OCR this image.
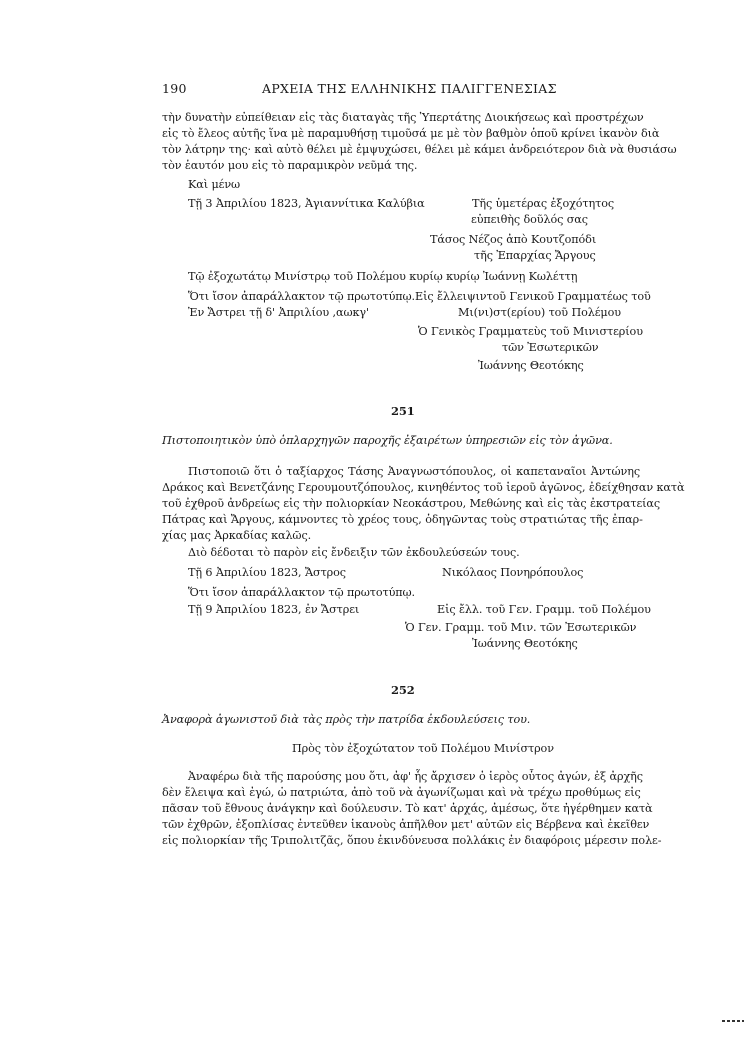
190	ΑΡΧΕΙΑ ΤΗΣ ΕΛΛΗΝΙΚΗΣ ΠΑΛΙΓΓΕΝΕΣΙΑΣ
τὴν δυνατὴν εὐπείθειαν εἰς τὰς διαταγὰς τῆς Ὑπερτάτης Διοικήσεως καὶ προστρέχων
εἰς τὸ ἔλεος αὐτῆς ἵνα μὲ παραμυθήσῃ τιμοῦσά με μὲ τὸν βαθμὸν ὁποῦ κρίνει ἱκανὸν διὰ
τὸν λάτρην της· καὶ αὐτὸ θέλει μὲ ἐμψυχώσει, θέλει μὲ κάμει ἀνδρειότερον διὰ νὰ θυσιάσω
τὸν ἑαυτόν μου εἰς τὸ παραμικρὸν νεῦμά της.
Καὶ μένω
Τῇ 3 Ἀπριλίου 1823, Ἀγιαννίτικα Καλύβια	Τῆς ὑμετέρας ἐξοχότητος
εὐπειθὴς δοῦλός σας
Τάσος Νέζος ἀπὸ Κουτζοπόδι
τῆς Ἐπαρχίας Ἄργους
Τῷ ἐξοχωτάτῳ Μινίστρῳ τοῦ Πολέμου κυρίῳ κυρίῳ Ἰωάννῃ Κωλέττῃ
Ὅτι ἴσον ἀπαράλλακτον τῷ πρωτοτύπῳ.
Ἐν Ἄστρει τῇ δ' Ἀπριλίου ,αωκγ'
Εἰς ἔλλειψιντοῦ Γενικοῦ Γραμματέως τοῦ
Μι(νι)στ(ερίου) τοῦ Πολέμου
Ὁ Γενικὸς Γραμματεὺς τοῦ Μινιστερίου
τῶν Ἐσωτερικῶν
Ἰωάννης Θεοτόκης
251
Πιστοποιητικὸν ὑπὸ ὁπλαρχηγῶν παροχῆς ἐξαιρέτων ὑπηρεσιῶν εἰς τὸν ἀγῶνα.
Πιστοποιῶ ὅτι ὁ ταξίαρχος Τάσης Ἀναγνωστόπουλος, οἱ καπεταναῖοι Ἀντώνης
Δράκος καὶ Βενετζάνης Γερουμουτζόπουλος, κινηθέντος τοῦ ἱεροῦ ἀγῶνος, ἐδείχθησαν κατὰ
τοῦ ἐχθροῦ ἀνδρείως εἰς τὴν πολιορκίαν Νεοκάστρου, Μεθώνης καὶ εἰς τὰς ἐκστρατείας
Πάτρας καὶ Ἄργους, κάμνοντες τὸ χρέος τους, ὁδηγῶντας τοὺς στρατιώτας τῆς ἐπαρ-
χίας μας Ἀρκαδίας καλῶς.
Διὸ δέδοται τὸ παρὸν εἰς ἔνδειξιν τῶν ἐκδουλεύσεών τους.
Τῇ 6 Ἀπριλίου 1823, Ἄστρος	Νικόλαος Πονηρόπουλος
Ὅτι ἴσον ἀπαράλλακτον τῷ πρωτοτύπῳ.
Τῇ 9 Ἀπριλίου 1823, ἐν Ἄστρει	Εἰς ἔλλ. τοῦ Γεν. Γραμμ. τοῦ Πολέμου
Ὁ Γεν. Γραμμ. τοῦ Μιν. τῶν Ἐσωτερικῶν
Ἰωάννης Θεοτόκης
252
Ἀναφορὰ ἀγωνιστοῦ διὰ τὰς πρὸς τὴν πατρίδα ἐκδουλεύσεις του.
Πρὸς τὸν ἐξοχώτατον τοῦ Πολέμου Μινίστρον
Ἀναφέρω διὰ τῆς παρούσης μου ὅτι, ἀφ' ἧς ἄρχισεν ὁ ἱερὸς οὗτος ἀγών, ἐξ ἀρχῆς
δὲν ἔλειψα καὶ ἐγώ, ὡ πατριώτα, ἀπὸ τοῦ νὰ ἀγωνίζωμαι καὶ νὰ τρέχω προθύμως εἰς
πᾶσαν τοῦ ἔθνους ἀνάγκην καὶ δούλευσιν. Τὸ κατ' ἀρχάς, ἀμέσως, ὅτε ἠγέρθημεν κατὰ
τῶν ἐχθρῶν, ἐξοπλίσας ἐντεῦθεν ἱκανοὺς ἀπῆλθον μετ' αὐτῶν εἰς Βέρβενα καὶ ἐκεῖθεν
εἰς πολιορκίαν τῆς Τριπολιτζᾶς, ὅπου ἐκινδύνευσα πολλάκις ἐν διαφόροις μέρεσιν πολε-
